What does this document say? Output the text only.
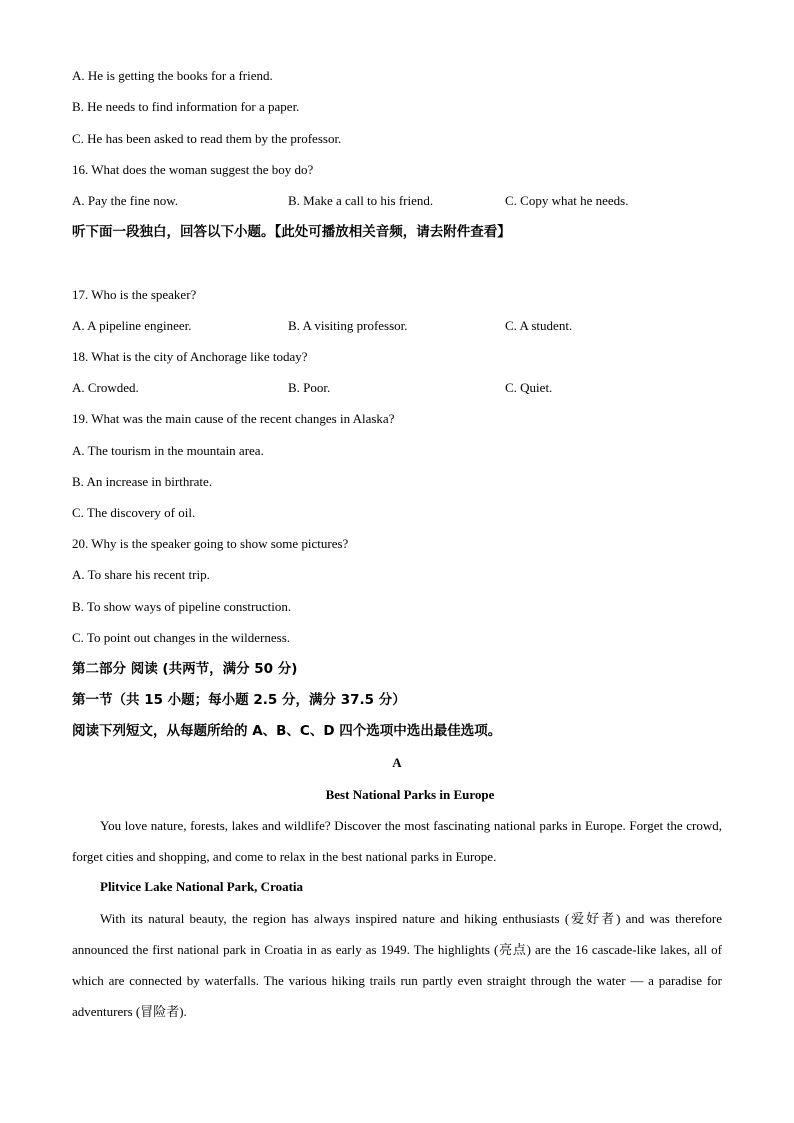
A. He is getting the books for a friend.
B. He needs to find information for a paper.
C. He has been asked to read them by the professor.
16. What does the woman suggest the boy do?
A. Pay the fine now.	B. Make a call to his friend.	C. Copy what he needs.
听下面一段独白，回答以下小题。【此处可播放相关音频，请去附件查看】
17. Who is the speaker?
A. A pipeline engineer.	B. A visiting professor.	C. A student.
18. What is the city of Anchorage like today?
A. Crowded.	B. Poor.	C. Quiet.
19. What was the main cause of the recent changes in Alaska?
A. The tourism in the mountain area.
B. An increase in birthrate.
C. The discovery of oil.
20. Why is the speaker going to show some pictures?
A. To share his recent trip.
B. To show ways of pipeline construction.
C. To point out changes in the wilderness.
第二部分 阅读 (共两节，满分 50 分)
第一节（共 15 小题；每小题 2.5 分，满分 37.5 分）
阅读下列短文，从每题所给的 A、B、C、D 四个选项中选出最佳选项。
A
Best National Parks in Europe
You love nature, forests, lakes and wildlife? Discover the most fascinating national parks in Europe. Forget the crowd, forget cities and shopping, and come to relax in the best national parks in Europe.
Plitvice Lake National Park, Croatia
With its natural beauty, the region has always inspired nature and hiking enthusiasts (爱好者) and was therefore announced the first national park in Croatia in as early as 1949. The highlights (亮点) are the 16 cascade-like lakes, all of which are connected by waterfalls. The various hiking trails run partly even straight through the water — a paradise for adventurers (冒险者).
